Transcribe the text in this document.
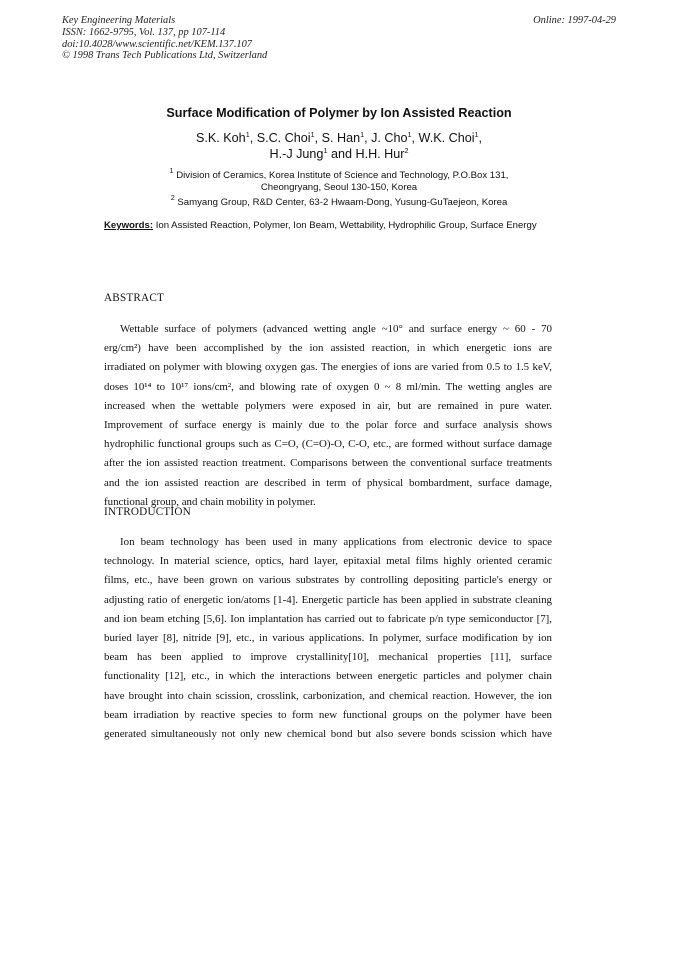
Key Engineering Materials
ISSN: 1662-9795, Vol. 137, pp 107-114
doi:10.4028/www.scientific.net/KEM.137.107
© 1998 Trans Tech Publications Ltd, Switzerland
Online: 1997-04-29
Surface Modification of Polymer by Ion Assisted Reaction
S.K. Koh$^1$, S.C. Choi$^1$, S. Han$^1$, J. Cho$^1$, W.K. Choi$^1$,
H.-J Jung$^1$ and H.H. Hur$^2$
$^1$ Division of Ceramics, Korea Institute of Science and Technology, P.O.Box 131,
Cheongryang, Seoul 130-150, Korea
$^2$ Samyang Group, R&D Center, 63-2 Hwaam-Dong, Yusung-GuTaejeon, Korea
Keywords: Ion Assisted Reaction, Polymer, Ion Beam, Wettability, Hydrophilic Group, Surface Energy
ABSTRACT
Wettable surface of polymers (advanced wetting angle ~10° and surface energy ~ 60 - 70
erg/cm²) have been accomplished by the ion assisted reaction, in which energetic ions are
irradiated on polymer with blowing oxygen gas. The energies of ions are varied from 0.5 to 1.5 keV,
doses 10¹⁴ to 10¹⁷ ions/cm², and blowing rate of oxygen 0 ~ 8 ml/min. The wetting angles are
increased when the wettable polymers were exposed in air, but are remained in pure water.
Improvement of surface energy is mainly due to the polar force and surface analysis shows
hydrophilic functional groups such as C=O, (C=O)-O, C-O, etc., are formed without surface damage
after the ion assisted reaction treatment. Comparisons between the conventional surface treatments
and the ion assisted reaction are described in term of physical bombardment, surface damage,
functional group, and chain mobility in polymer.
INTRODUCTION
Ion beam technology has been used in many applications from electronic device to space
technology. In material science, optics, hard layer, epitaxial metal films highly oriented ceramic
films, etc., have been grown on various substrates by controlling depositing particle's energy or
adjusting ratio of energetic ion/atoms [1-4]. Energetic particle has been applied in substrate cleaning
and ion beam etching [5,6]. Ion implantation has carried out to fabricate p/n type semiconductor [7],
buried layer [8], nitride [9], etc., in various applications. In polymer, surface modification by ion
beam has been applied to improve crystallinity[10], mechanical properties [11], surface
functionality [12], etc., in which the interactions between energetic particles and polymer chain
have brought into chain scission, crosslink, carbonization, and chemical reaction. However, the ion
beam irradiation by reactive species to form new functional groups on the polymer have been
generated simultaneously not only new chemical bond but also severe bonds scission which have
